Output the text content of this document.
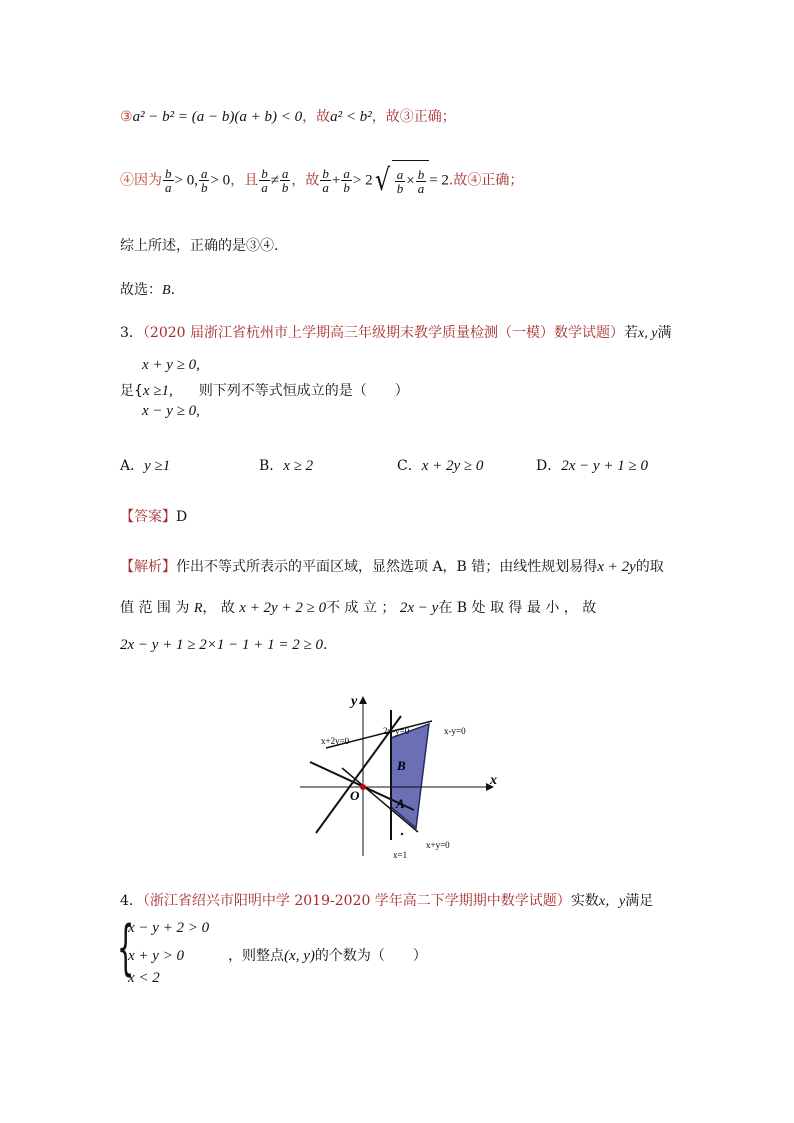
③a² − b² = (a − b)(a + b) < 0，故a² < b²，故③正确；
④因为 $\frac{b}{a} > 0$, $\frac{a}{b} > 0$，且 $\frac{b}{a} \ne \frac{a}{b}$ ，故 $\frac{b}{a} + \frac{a}{b} > 2√ \frac{a}{b} \times \frac{b}{a} = 2$.故④正确；
综上所述，正确的是③④.
故选：B.
3．（2020 届浙江省杭州市上学期高三年级期末教学质量检测（一模）数学试题）若x, y满
x + y ≥ 0,
足{x ≥1, 则下列不等式恒成立的是（　　）
x − y ≥ 0,
A．y ≥1	B．x ≥ 2	C．x + 2y ≥ 0	D．2x − y + 1 ≥ 0
【答案】D
【解析】作出不等式所表示的平面区域，显然选项 A，B 错；由线性规划易得x + 2y的取
值 范 围 为 R， 故 x + 2y + 2 ≥ 0不 成 立 ； 2x − y在 B 处 取 得 最 小 ， 故
2x − y + 1 ≥ 2×1 − 1 + 1 = 2 ≥ 0.
y
x
O
B
A
x+2y=0
2x-y=0	x-y=0
x+y=0
x=1
4．（浙江省绍兴市阳明中学 2019-2020 学年高二下学期期中数学试题）实数x，y满足
{
x − y + 2 > 0
x + y > 0	，则整点(x, y)的个数为（　　）
x < 2
